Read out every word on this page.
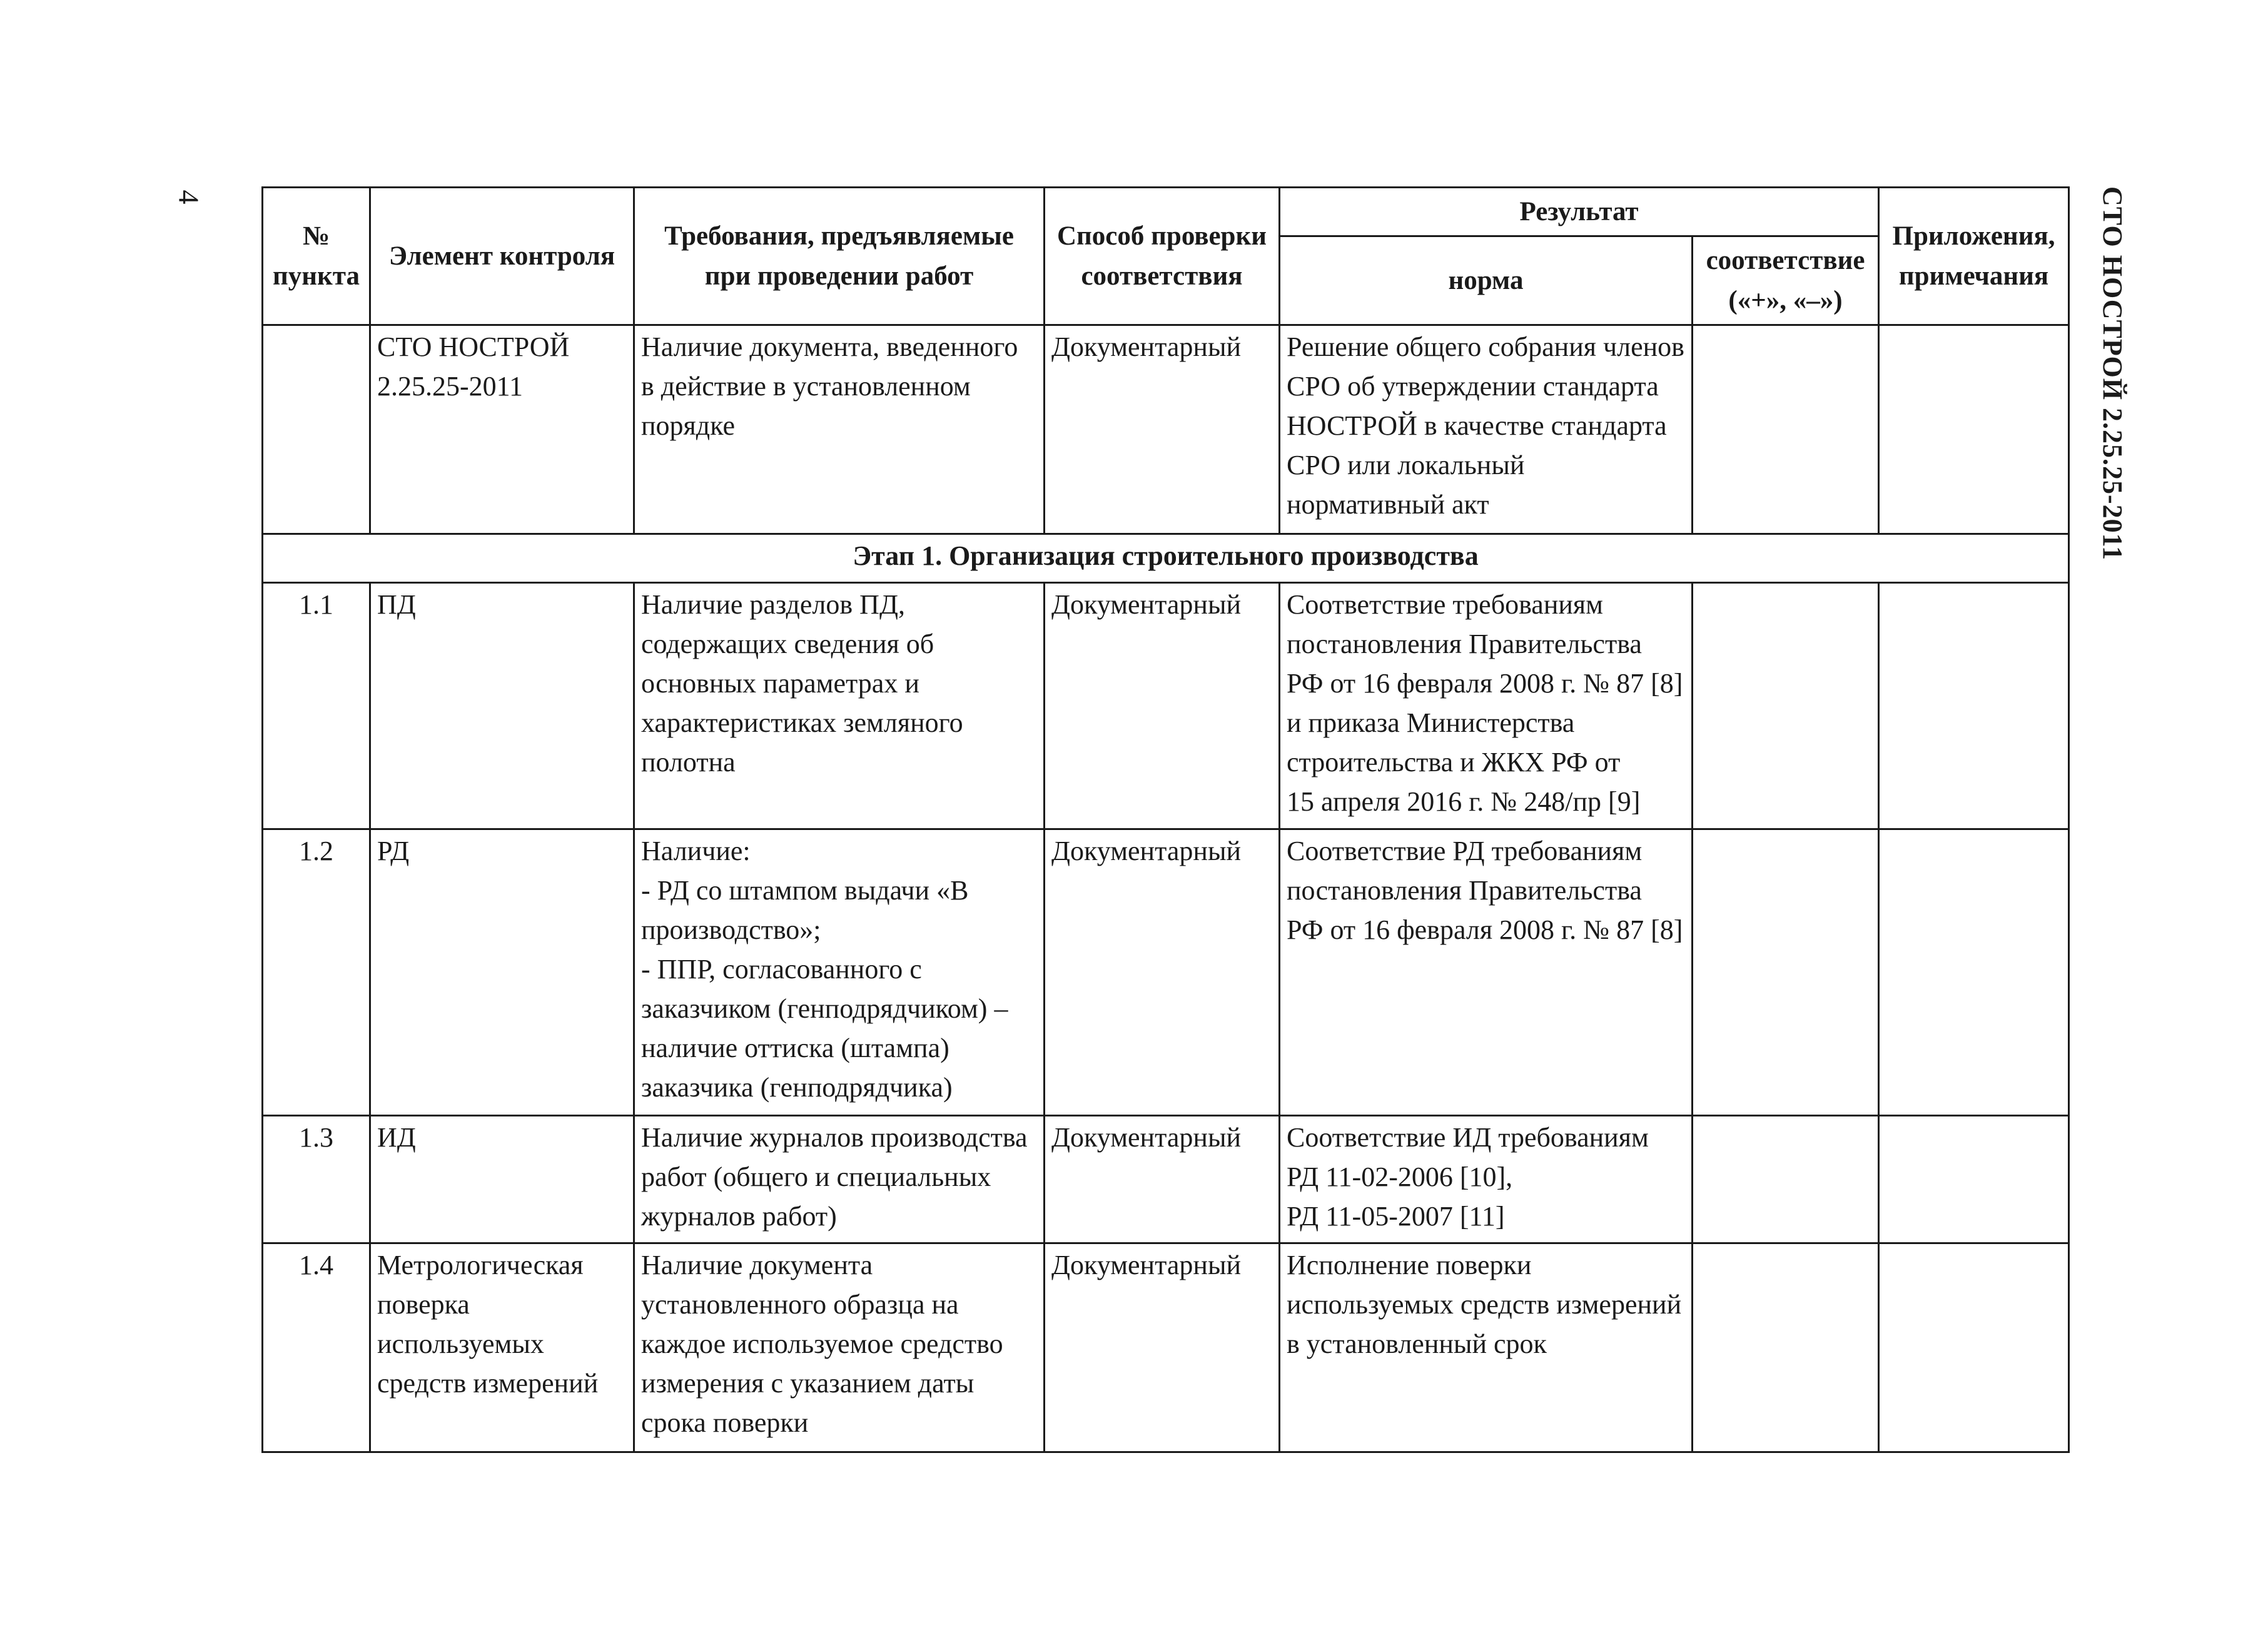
4	СТО НОСТРОЙ 2.25.25-2011
№ пункта	Элемент контроля	Требования, предъявляемые при проведении работ	Способ проверки соответствия	Результат		Приложения, примечания
				норма	соответствие («+», «–»)	
	СТО НОСТРОЙ 2.25.25-2011	Наличие документа, введенного в действие в установленном порядке	Документарный	Решение общего собрания членов СРО об утверждении стандарта НОСТРОЙ в качестве стандарта СРО или локальный нормативный акт		
Этап 1. Организация строительного производства						
1.1	ПД	Наличие разделов ПД, содержащих сведения об основных параметрах и характеристиках земляного полотна	Документарный	Соответствие требованиям постановления Правительства РФ от 16 февраля 2008 г. № 87 [8] и приказа Министерства строительства и ЖКХ РФ от
15 апреля 2016 г. № 248/пр [9]		

1.2	РД	Наличие:
- РД со штампом выдачи «В производство»;
- ППР, согласованного с заказчиком (генподрядчиком) – наличие оттиска (штампа) заказчика (генподрядчика)	Документарный	Соответствие РД требованиям постановления Правительства РФ от 16 февраля 2008 г. № 87 [8]		

1.3	ИД	Наличие журналов производства работ (общего и специальных журналов работ)	Документарный	Соответствие ИД требованиям
РД 11-02-2006 [10],
РД 11-05-2007 [11]		

1.4	Метрологическая поверка используемых средств измерений	Наличие документа установленного образца на каждое используемое средство измерения с указанием даты срока поверки	Документарный	Исполнение поверки используемых средств измерений в установленный срок		
